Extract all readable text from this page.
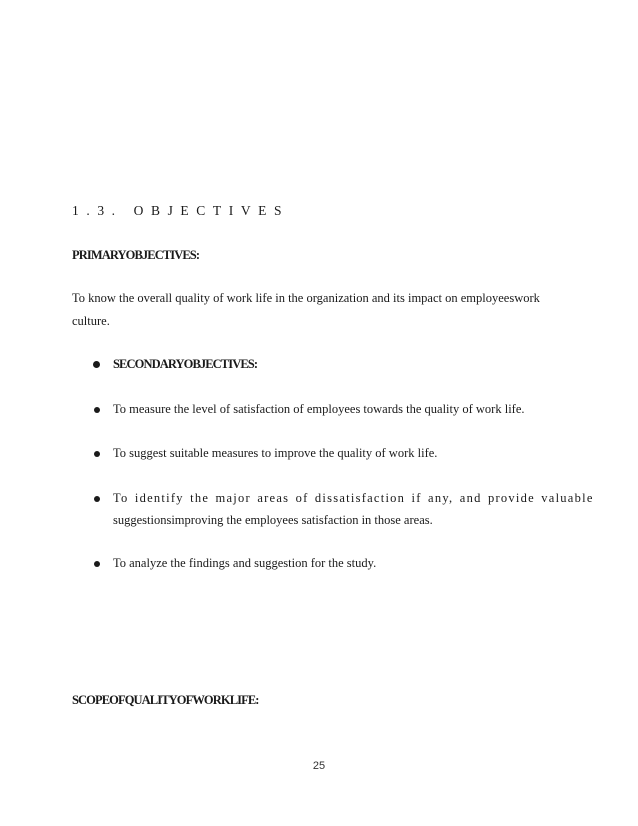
1.3. OBJECTIVES
PRIMARYOBJECTIVES:
To know the overall quality of work life in the organization and its impact on employeeswork
culture.
SECONDARYOBJECTIVES:
To measure the level of satisfaction of employees towards the quality of work life.
To suggest suitable measures to improve the quality of work life.
To identify the major areas of dissatisfaction if any, and provide valuable
suggestionsimproving the employees satisfaction in those areas.
To analyze the findings and suggestion for the study.
SCOPEOFQUALITYOFWORKLIFE:
25
